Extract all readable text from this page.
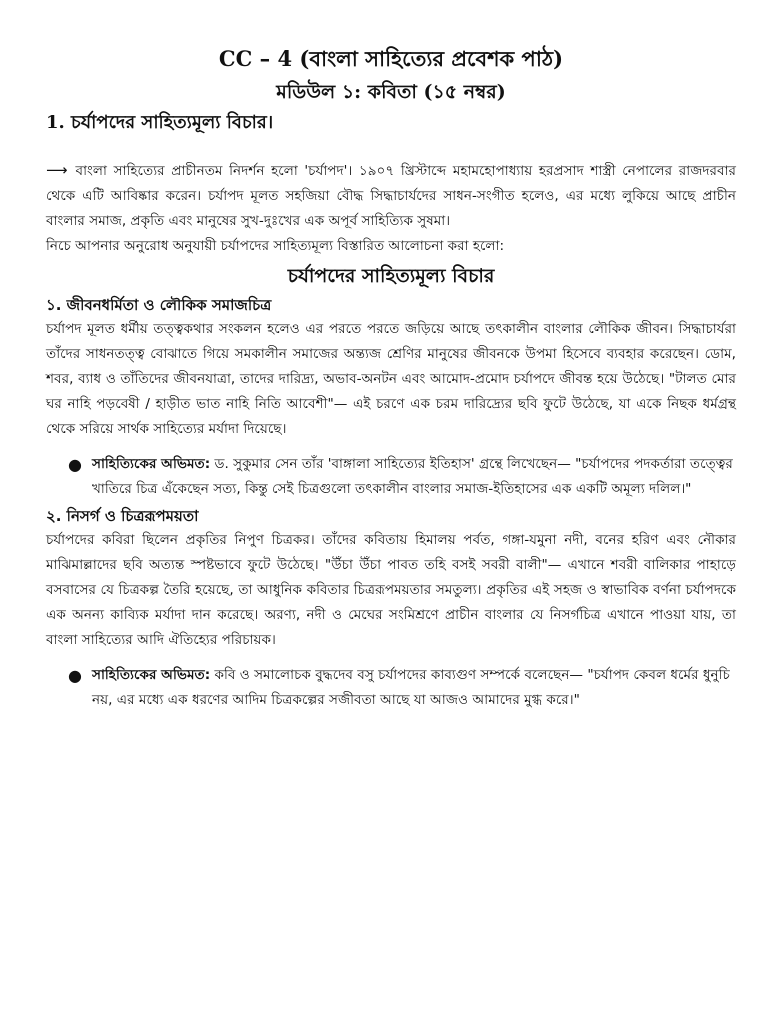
CC – 4 (বাংলা সাহিত্যের প্রবেশক পাঠ)
মডিউল ১: কবিতা (১৫ নম্বর)
1. চর্যাপদের সাহিত্যমূল্য বিচার।

⟶ বাংলা সাহিত্যের প্রাচীনতম নিদর্শন হলো 'চর্যাপদ'। ১৯০৭ খ্রিস্টাব্দে মহামহোপাধ্যায় হরপ্রসাদ শাস্ত্রী নেপালের রাজদরবার থেকে এটি আবিষ্কার করেন। চর্যাপদ মূলত সহজিয়া বৌদ্ধ সিদ্ধাচার্যদের সাধন-সংগীত হলেও, এর মধ্যে লুকিয়ে আছে প্রাচীন বাংলার সমাজ, প্রকৃতি এবং মানুষের সুখ-দুঃখের এক অপূর্ব সাহিত্যিক সুষমা।

নিচে আপনার অনুরোধ অনুযায়ী চর্যাপদের সাহিত্যমূল্য বিস্তারিত আলোচনা করা হলো:

চর্যাপদের সাহিত্যমূল্য বিচার
১. জীবনধর্মিতা ও লৌকিক সমাজচিত্র

চর্যাপদ মূলত ধর্মীয় তত্ত্বকথার সংকলন হলেও এর পরতে পরতে জড়িয়ে আছে তৎকালীন বাংলার লৌকিক জীবন। সিদ্ধাচার্যরা তাঁদের সাধনতত্ত্ব বোঝাতে গিয়ে সমকালীন সমাজের অন্ত্যজ শ্রেণির মানুষের জীবনকে উপমা হিসেবে ব্যবহার করেছেন। ডোম, শবর, ব্যাধ ও তাঁতিদের জীবনযাত্রা, তাদের দারিদ্র্য, অভাব-অনটন এবং আমোদ-প্রমোদ চর্যাপদে জীবন্ত হয়ে উঠেছে। "টালত মোর ঘর নাহি পড়বেষী / হাড়ীত ভাত নাহি নিতি আবেশী"— এই চরণে এক চরম দারিদ্র্যের ছবি ফুটে উঠেছে, যা একে নিছক ধর্মগ্রন্থ থেকে সরিয়ে সার্থক সাহিত্যের মর্যাদা দিয়েছে।

● সাহিত্যিকের অভিমত: ড. সুকুমার সেন তাঁর 'বাঙ্গালা সাহিত্যের ইতিহাস' গ্রন্থে লিখেছেন— "চর্যাপদের পদকর্তারা তত্ত্বের খাতিরে চিত্র এঁকেছেন সত্য, কিন্তু সেই চিত্রগুলো তৎকালীন বাংলার সমাজ-ইতিহাসের এক একটি অমূল্য দলিল।"
২. নিসর্গ ও চিত্ররূপময়তা

চর্যাপদের কবিরা ছিলেন প্রকৃতির নিপুণ চিত্রকর। তাঁদের কবিতায় হিমালয় পর্বত, গঙ্গা-যমুনা নদী, বনের হরিণ এবং নৌকার মাঝিমাল্লাদের ছবি অত্যন্ত স্পষ্টভাবে ফুটে উঠেছে। "উঁচা উঁচা পাবত তহি বসই সবরী বালী"— এখানে শবরী বালিকার পাহাড়ে বসবাসের যে চিত্রকল্প তৈরি হয়েছে, তা আধুনিক কবিতার চিত্ররূপময়তার সমতুল্য। প্রকৃতির এই সহজ ও স্বাভাবিক বর্ণনা চর্যাপদকে এক অনন্য কাব্যিক মর্যাদা দান করেছে। অরণ্য, নদী ও মেঘের সংমিশ্রণে প্রাচীন বাংলার যে নিসর্গচিত্র এখানে পাওয়া যায়, তা বাংলা সাহিত্যের আদি ঐতিহ্যের পরিচায়ক।

● সাহিত্যিকের অভিমত: কবি ও সমালোচক বুদ্ধদেব বসু চর্যাপদের কাব্যগুণ সম্পর্কে বলেছেন— "চর্যাপদ কেবল ধর্মের ধুনুচি নয়, এর মধ্যে এক ধরণের আদিম চিত্রকল্পের সজীবতা আছে যা আজও আমাদের মুগ্ধ করে।"
